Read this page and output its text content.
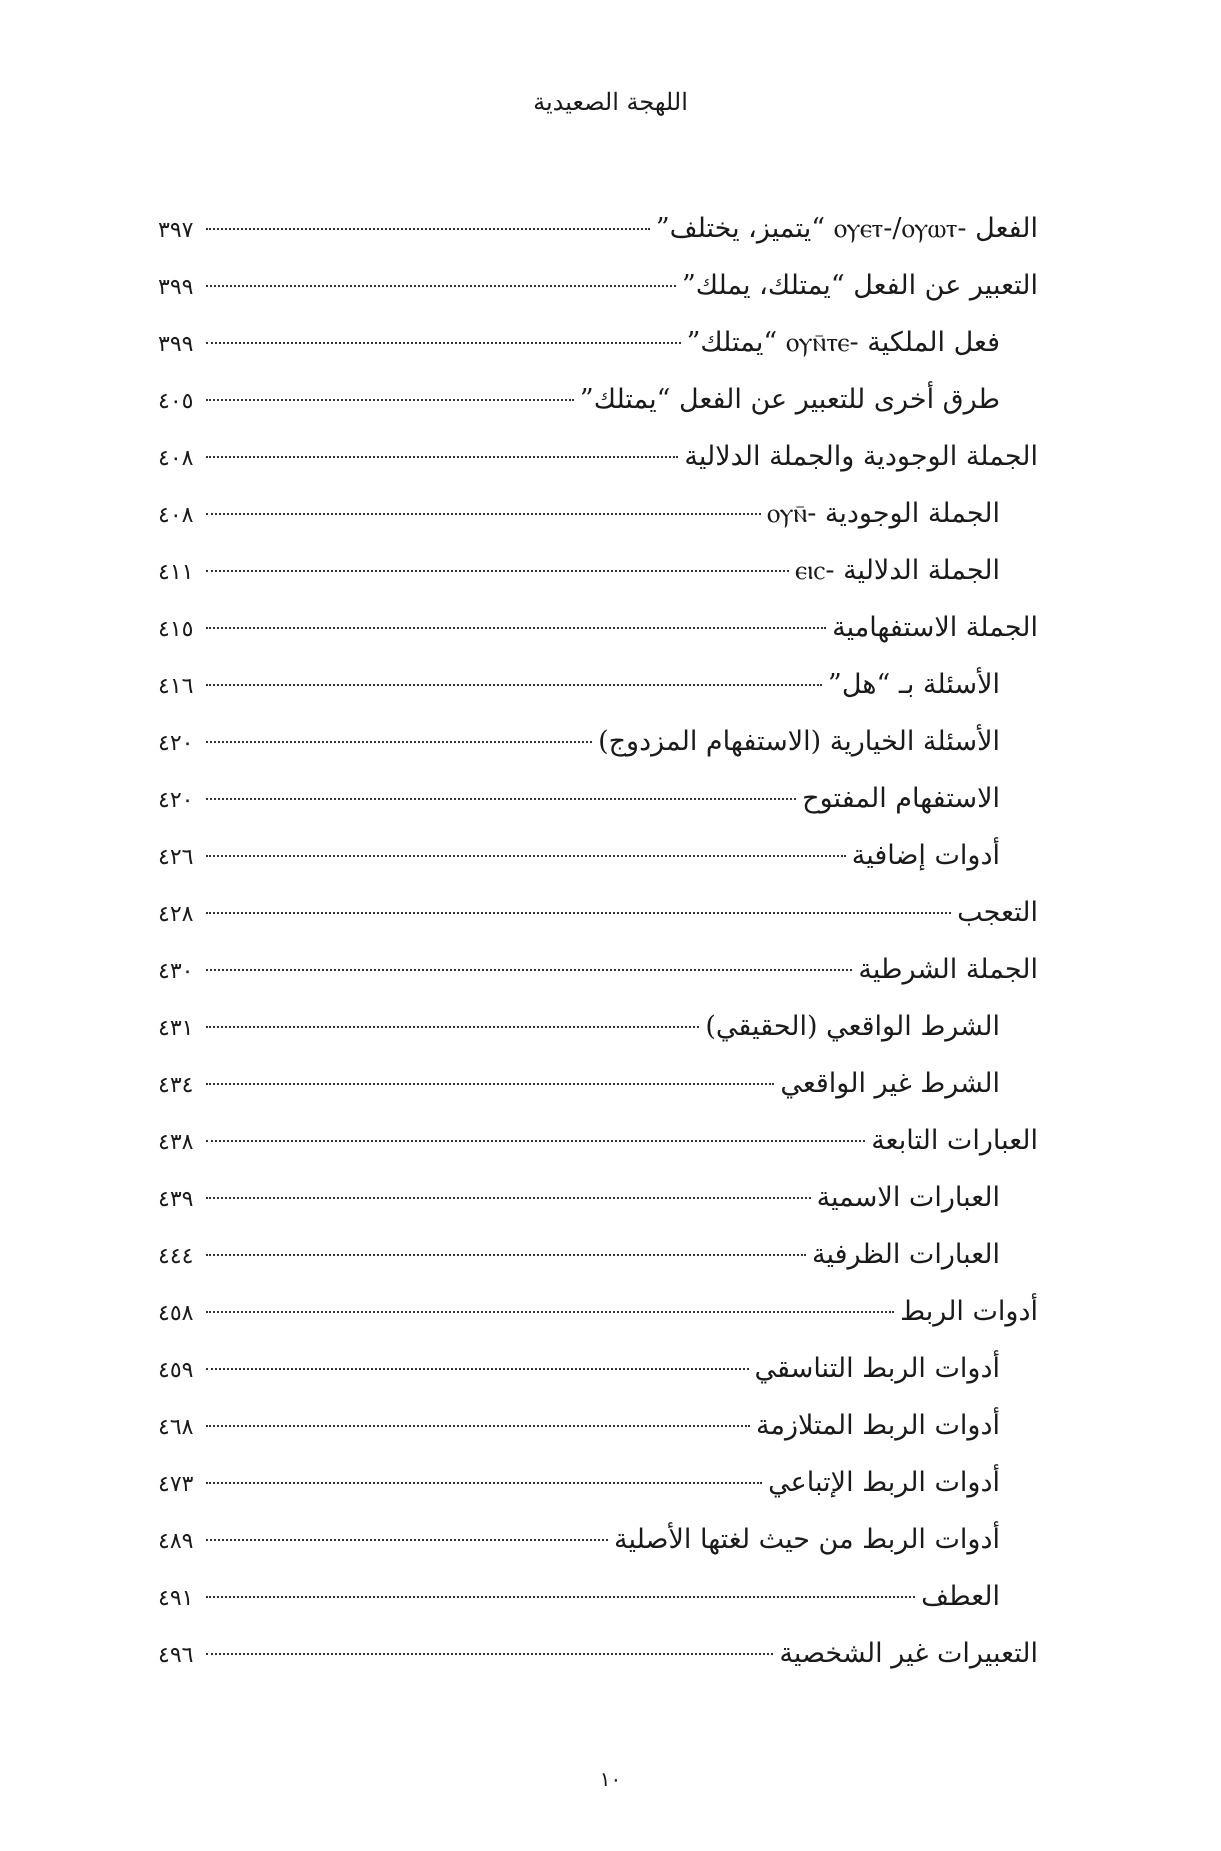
اللهجة الصعيدية
الفعل -ⲟⲩⲉⲧ-/ⲟⲩⲱⲧ “يتميز، يختلف”
٣٩٧
التعبير عن الفعل “يمتلك، يملك”
٣٩٩
فعل الملكية -ⲟⲩⲛ̄ⲧⲉ “يمتلك”
٣٩٩
طرق أخرى للتعبير عن الفعل “يمتلك”
٤٠٥
الجملة الوجودية والجملة الدلالية
٤٠٨
الجملة الوجودية -ⲟⲩⲛ̄
٤٠٨
الجملة الدلالية -ⲉⲓⲥ
٤١١
الجملة الاستفهامية
٤١٥
الأسئلة بـ “هل”
٤١٦
الأسئلة الخيارية (الاستفهام المزدوج)
٤٢٠
الاستفهام المفتوح
٤٢٠
أدوات إضافية
٤٢٦
التعجب
٤٢٨
الجملة الشرطية
٤٣٠
الشرط الواقعي (الحقيقي)
٤٣١
الشرط غير الواقعي
٤٣٤
العبارات التابعة
٤٣٨
العبارات الاسمية
٤٣٩
العبارات الظرفية
٤٤٤
أدوات الربط
٤٥٨
أدوات الربط التناسقي
٤٥٩
أدوات الربط المتلازمة
٤٦٨
أدوات الربط الإتباعي
٤٧٣
أدوات الربط من حيث لغتها الأصلية
٤٨٩
العطف
٤٩١
التعبيرات غير الشخصية
٤٩٦
١٠
